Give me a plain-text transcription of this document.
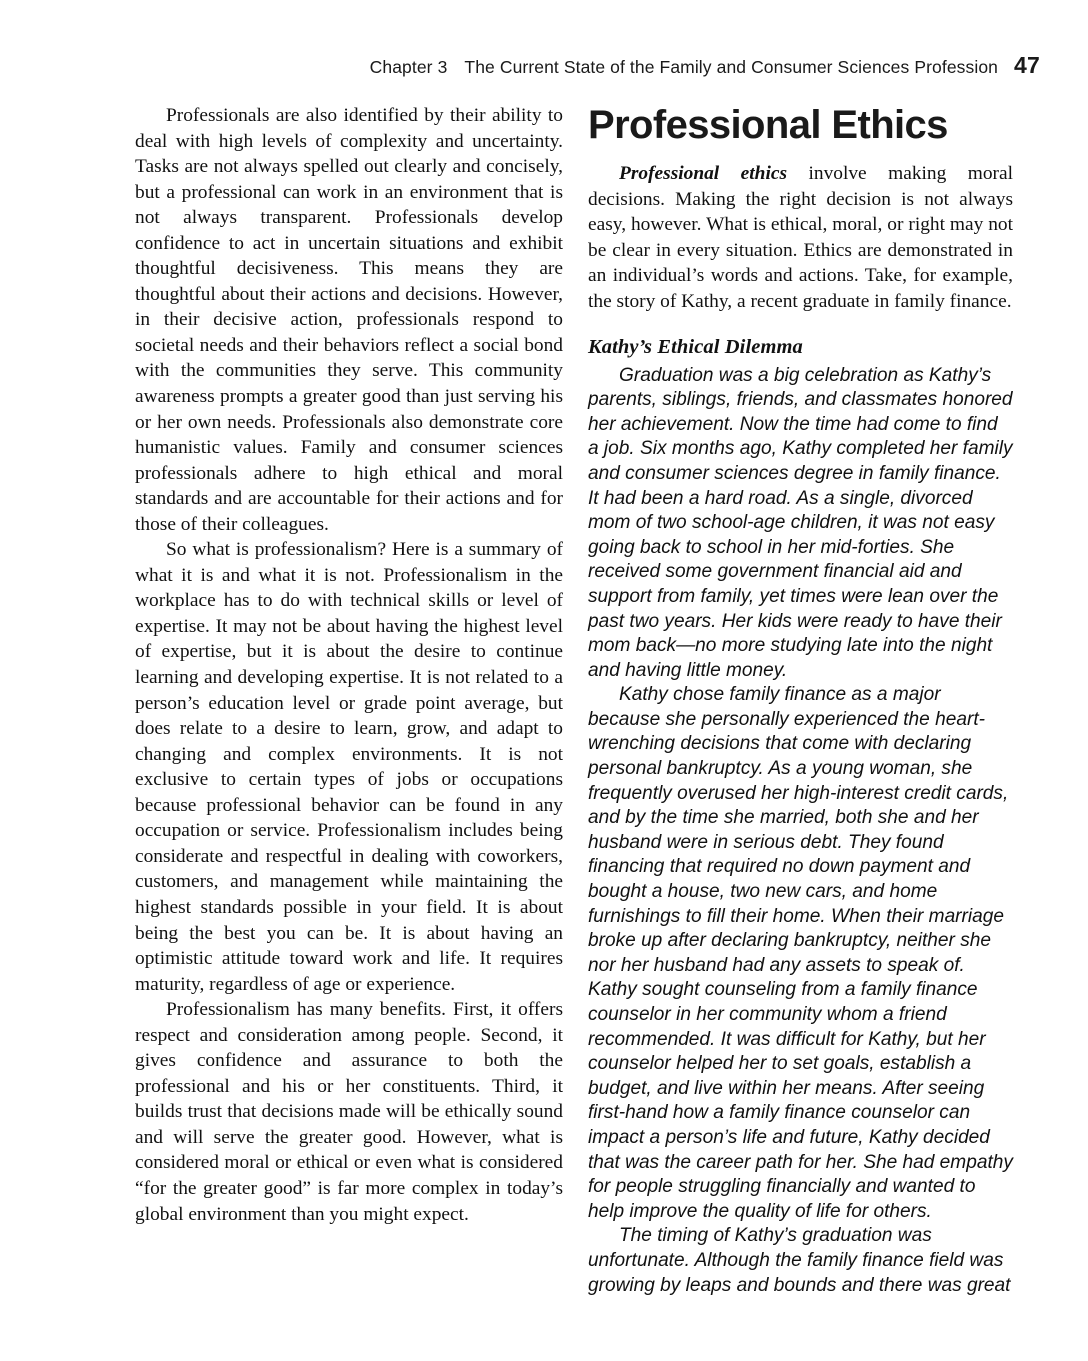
Chapter 3 The Current State of the Family and Consumer Sciences Profession 47

Professionals are also identified by their ability to deal with high levels of complexity and uncertainty. Tasks are not always spelled out clearly and concisely, but a professional can work in an environment that is not always transparent. Professionals develop confidence to act in uncertain situations and exhibit thoughtful decisiveness. This means they are thoughtful about their actions and decisions. However, in their decisive action, professionals respond to societal needs and their behaviors reflect a social bond with the communities they serve. This community awareness prompts a greater good than just serving his or her own needs. Professionals also demonstrate core humanistic values. Family and consumer sciences professionals adhere to high ethical and moral standards and are accountable for their actions and for those of their colleagues.

So what is professionalism? Here is a summary of what it is and what it is not. Professionalism in the workplace has to do with technical skills or level of expertise. It may not be about having the highest level of expertise, but it is about the desire to continue learning and developing expertise. It is not related to a person’s education level or grade point average, but does relate to a desire to learn, grow, and adapt to changing and complex environments. It is not exclusive to certain types of jobs or occupations because professional behavior can be found in any occupation or service. Professionalism includes being considerate and respectful in dealing with coworkers, customers, and management while maintaining the highest standards possible in your field. It is about being the best you can be. It is about having an optimistic attitude toward work and life. It requires maturity, regardless of age or experience.

Professionalism has many benefits. First, it offers respect and consideration among people. Second, it gives confidence and assurance to both the professional and his or her constituents. Third, it builds trust that decisions made will be ethically sound and will serve the greater good. However, what is considered moral or ethical or even what is considered “for the greater good” is far more complex in today’s global environment than you might expect.

Professional Ethics

Professional ethics involve making moral decisions. Making the right decision is not always easy, however. What is ethical, moral, or right may not be clear in every situation. Ethics are demonstrated in an individual’s words and actions. Take, for example, the story of Kathy, a recent graduate in family finance.

Kathy’s Ethical Dilemma

Graduation was a big celebration as Kathy’s parents, siblings, friends, and classmates honored her achievement. Now the time had come to find a job. Six months ago, Kathy completed her family and consumer sciences degree in family finance. It had been a hard road. As a single, divorced mom of two school-age children, it was not easy going back to school in her mid-forties. She received some government financial aid and support from family, yet times were lean over the past two years. Her kids were ready to have their mom back—no more studying late into the night and having little money.

Kathy chose family finance as a major because she personally experienced the heart-wrenching decisions that come with declaring personal bankruptcy. As a young woman, she frequently overused her high-interest credit cards, and by the time she married, both she and her husband were in serious debt. They found financing that required no down payment and bought a house, two new cars, and home furnishings to fill their home. When their marriage broke up after declaring bankruptcy, neither she nor her husband had any assets to speak of. Kathy sought counseling from a family finance counselor in her community whom a friend recommended. It was difficult for Kathy, but her counselor helped her to set goals, establish a budget, and live within her means. After seeing first-hand how a family finance counselor can impact a person’s life and future, Kathy decided that was the career path for her. She had empathy for people struggling financially and wanted to help improve the quality of life for others.

The timing of Kathy’s graduation was unfortunate. Although the family finance field was growing by leaps and bounds and there was great
